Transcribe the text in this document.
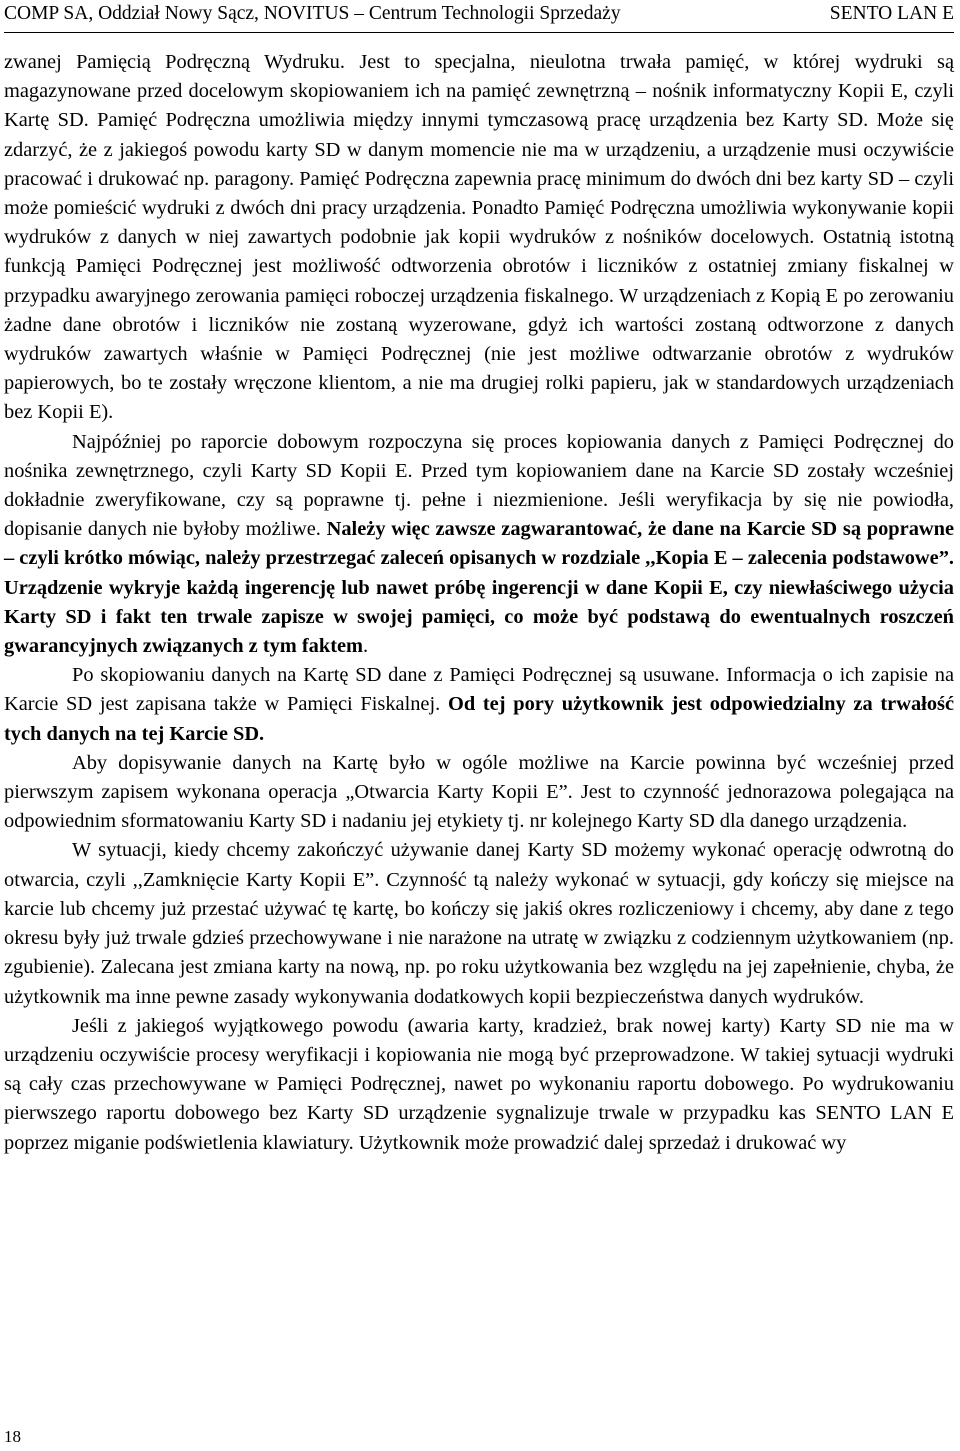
COMP SA, Oddział Nowy Sącz, NOVITUS – Centrum Technologii Sprzedaży	SENTO LAN E

zwanej Pamięcią Podręczną Wydruku. Jest to specjalna, nieulotna trwała pamięć, w której wydruki są magazynowane przed docelowym skopiowaniem ich na pamięć zewnętrzną – nośnik informatyczny Kopii E, czyli Kartę SD. Pamięć Podręczna umożliwia między innymi tymczasową pracę urządzenia bez Karty SD. Może się zdarzyć, że z jakiegoś powodu karty SD w danym momencie nie ma w urządzeniu, a urządzenie musi oczywiście pracować i drukować np. paragony. Pamięć Podręczna zapewnia pracę minimum do dwóch dni bez karty SD – czyli może pomieścić wydruki z dwóch dni pracy urządzenia. Ponadto Pamięć Podręczna umożliwia wykonywanie kopii wydruków z danych w niej zawartych podobnie jak kopii wydruków z nośników docelowych. Ostatnią istotną funkcją Pamięci Podręcznej jest możliwość odtworzenia obrotów i liczników z ostatniej zmiany fiskalnej w przypadku awaryjnego zerowania pamięci roboczej urządzenia fiskalnego. W urządzeniach z Kopią E po zerowaniu żadne dane obrotów i liczników nie zostaną wyzerowane, gdyż ich wartości zostaną odtworzone z danych wydruków zawartych właśnie w Pamięci Podręcznej (nie jest możliwe odtwarzanie obrotów z wydruków papierowych, bo te zostały wręczone klientom, a nie ma drugiej rolki papieru, jak w standardowych urządzeniach bez Kopii E).

Najpóźniej po raporcie dobowym rozpoczyna się proces kopiowania danych z Pamięci Podręcznej do nośnika zewnętrznego, czyli Karty SD Kopii E. Przed tym kopiowaniem dane na Karcie SD zostały wcześniej dokładnie zweryfikowane, czy są poprawne tj. pełne i niezmienione. Jeśli weryfikacja by się nie powiodła, dopisanie danych nie byłoby możliwe. Należy więc zawsze zagwarantować, że dane na Karcie SD są poprawne – czyli krótko mówiąc, należy przestrzegać zaleceń opisanych w rozdziale ,,Kopia E – zalecenia podstawowe”. Urządzenie wykryje każdą ingerencję lub nawet próbę ingerencji w dane Kopii E, czy niewłaściwego użycia Karty SD i fakt ten trwale zapisze w swojej pamięci, co może być podstawą do ewentualnych roszczeń gwarancyjnych związanych z tym faktem.

Po skopiowaniu danych na Kartę SD dane z Pamięci Podręcznej są usuwane. Informacja o ich zapisie na Karcie SD jest zapisana także w Pamięci Fiskalnej. Od tej pory użytkownik jest odpowiedzialny za trwałość tych danych na tej Karcie SD.

Aby dopisywanie danych na Kartę było w ogóle możliwe na Karcie powinna być wcześniej przed pierwszym zapisem wykonana operacja „Otwarcia Karty Kopii E”. Jest to czynność jednorazowa polegająca na odpowiednim sformatowaniu Karty SD i nadaniu jej etykiety tj. nr kolejnego Karty SD dla danego urządzenia.

W sytuacji, kiedy chcemy zakończyć używanie danej Karty SD możemy wykonać operację odwrotną do otwarcia, czyli ,,Zamknięcie Karty Kopii E”. Czynność tą należy wykonać w sytuacji, gdy kończy się miejsce na karcie lub chcemy już przestać używać tę kartę, bo kończy się jakiś okres rozliczeniowy i chcemy, aby dane z tego okresu były już trwale gdzieś przechowywane i nie narażone na utratę w związku z codziennym użytkowaniem (np. zgubienie). Zalecana jest zmiana karty na nową, np. po roku użytkowania bez względu na jej zapełnienie, chyba, że użytkownik ma inne pewne zasady wykonywania dodatkowych kopii bezpieczeństwa danych wydruków.

Jeśli z jakiegoś wyjątkowego powodu (awaria karty, kradzież, brak nowej karty) Karty SD nie ma w urządzeniu oczywiście procesy weryfikacji i kopiowania nie mogą być przeprowadzone. W takiej sytuacji wydruki są cały czas przechowywane w Pamięci Podręcznej, nawet po wykonaniu raportu dobowego. Po wydrukowaniu pierwszego raportu dobowego bez Karty SD urządzenie sygnalizuje trwale w przypadku kas SENTO LAN E poprzez miganie podświetlenia klawiatury. Użytkownik może prowadzić dalej sprzedaż i drukować wy

18
